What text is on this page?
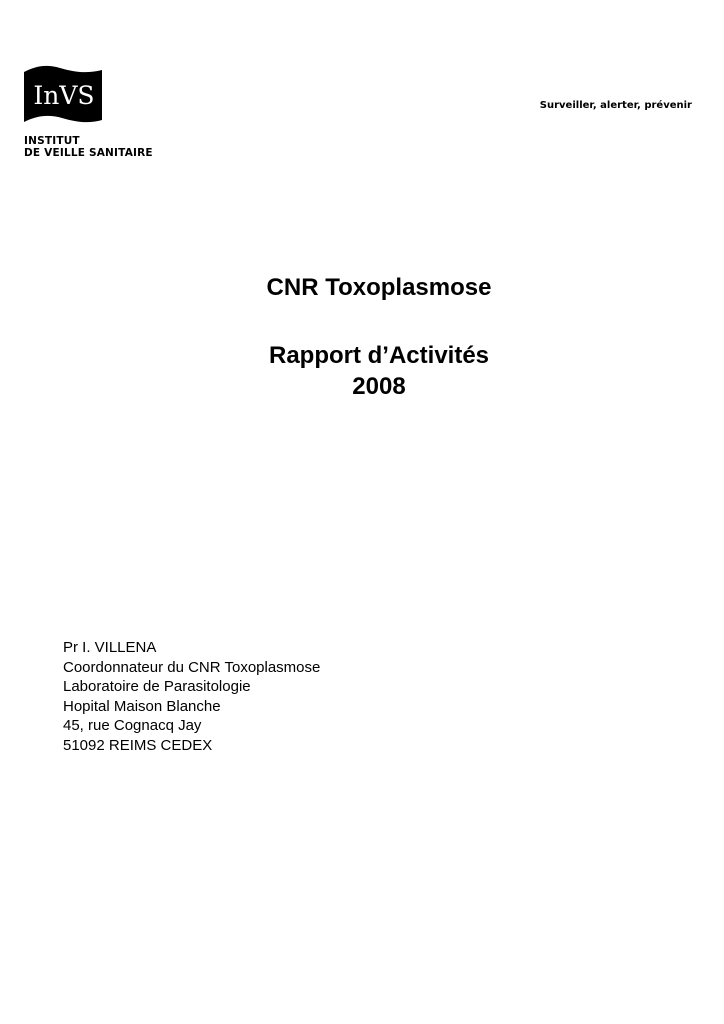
InVS
INSTITUT
DE VEILLE SANITAIRE
Surveiller, alerter, prévenir
CNR Toxoplasmose
Rapport d’Activités
2008
Pr I. VILLENA
Coordonnateur du CNR Toxoplasmose
Laboratoire de Parasitologie
Hopital Maison Blanche
45, rue Cognacq Jay
51092 REIMS CEDEX
